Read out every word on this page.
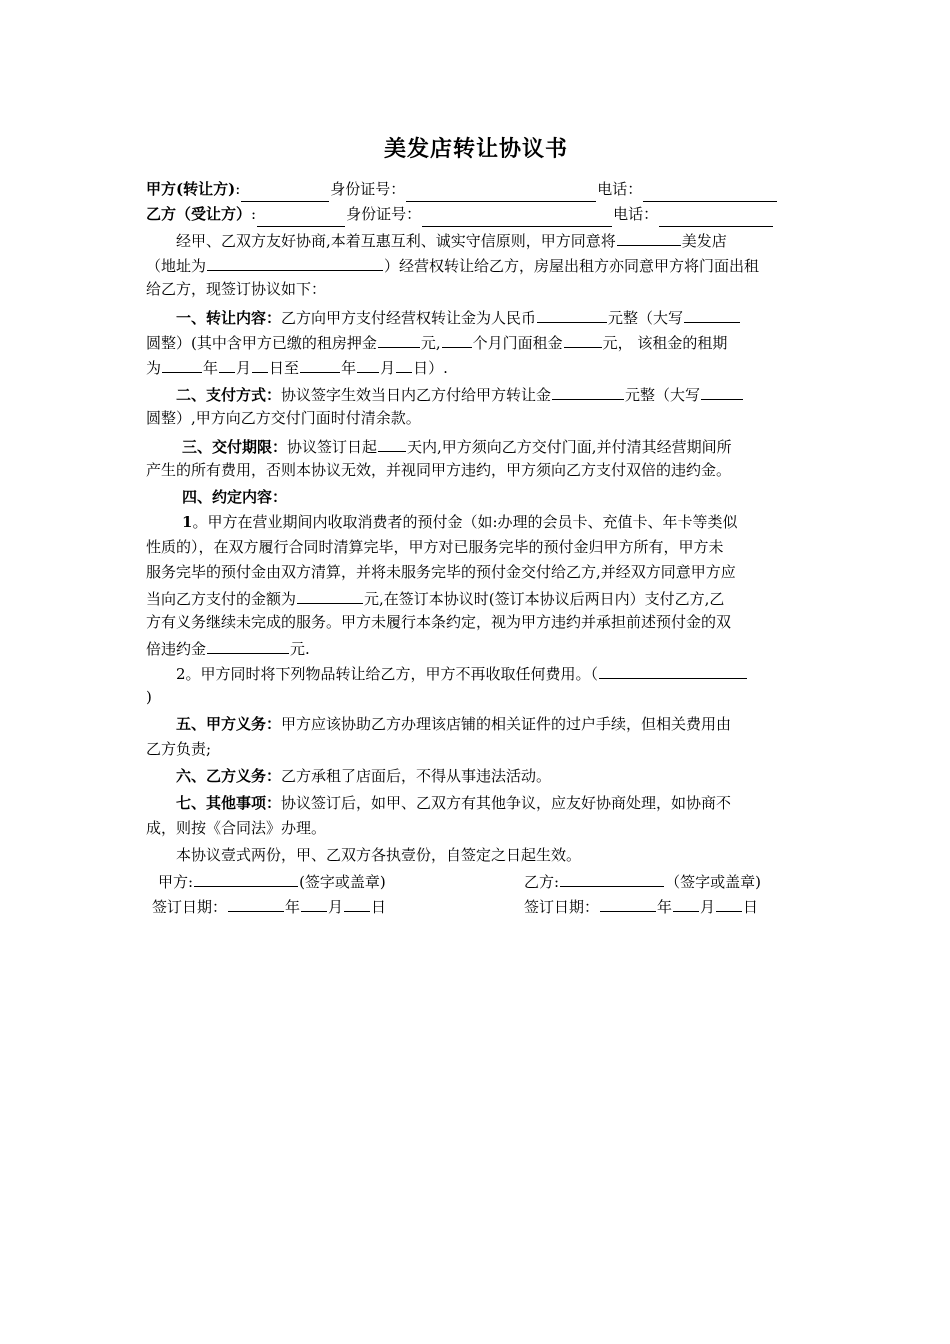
美发店转让协议书
甲方(转让方) :	身份证号：	电话：
乙方（受让方） :	身份证号：	电话：
经甲、乙双方友好协商,本着互惠互利、诚实守信原则，甲方同意将	美发店
（地址为	）经营权转让给乙方，房屋出租方亦同意甲方将门面出租
给乙方，现签订协议如下：
一、转让内容：乙方向甲方支付经营权转让金为人民币	元整（大写
圆整）(其中含甲方已缴的租房押金	元, 个月门面租金	元， 该租金的租期
为	年 月 日至	年 月 日）.
二、支付方式：协议签字生效当日内乙方付给甲方转让金	元整（大写
圆整）,甲方向乙方交付门面时付清余款。
三、交付期限：协议签订日起 天内,甲方须向乙方交付门面,并付清其经营期间所
产生的所有费用，否则本协议无效，并视同甲方违约，甲方须向乙方支付双倍的违约金。
四、约定内容：
1。甲方在营业期间内收取消费者的预付金（如:办理的会员卡、充值卡、年卡等类似
性质的），在双方履行合同时清算完毕，甲方对已服务完毕的预付金归甲方所有，甲方未
服务完毕的预付金由双方清算，并将未服务完毕的预付金交付给乙方,并经双方同意甲方应
当向乙方支付的金额为	元,在签订本协议时(签订本协议后两日内）支付乙方,乙
方有义务继续未完成的服务。甲方未履行本条约定，视为甲方违约并承担前述预付金的双
倍违约金	元.
2。甲方同时将下列物品转让给乙方，甲方不再收取任何费用。（
)
五、甲方义务：甲方应该协助乙方办理该店铺的相关证件的过户手续，但相关费用由
乙方负责;
六、乙方义务：乙方承租了店面后，不得从事违法活动。
七、其他事项：协议签订后，如甲、乙双方有其他争议，应友好协商处理，如协商不
成，则按《合同法》办理。
本协议壹式两份，甲、乙双方各执壹份，自签定之日起生效。
甲方:	(签字或盖章)	乙方:	（签字或盖章)
签订日期：	年 月 日	签订日期：	年 月 日
